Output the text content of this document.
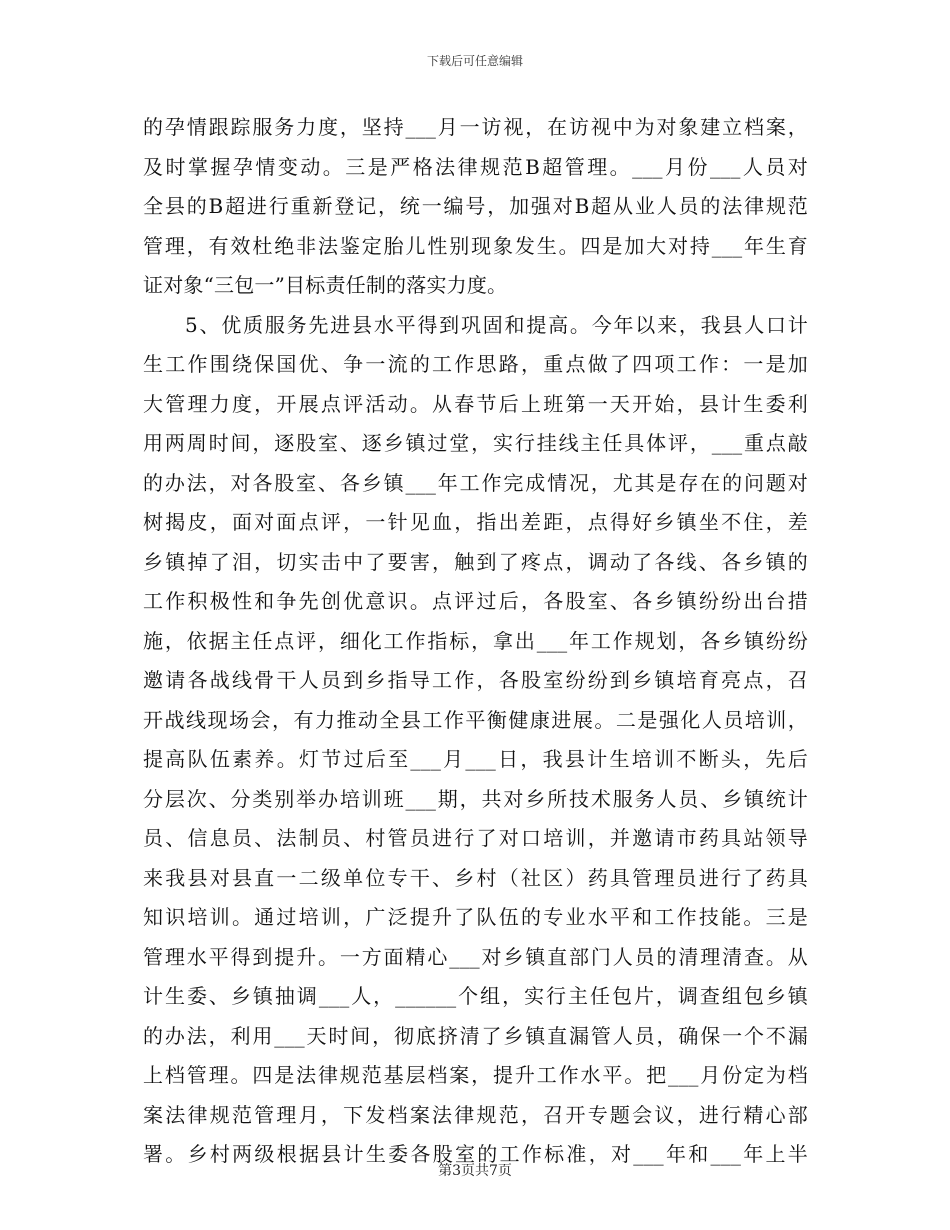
下载后可任意编辑
的孕情跟踪服务力度，坚持___月一访视，在访视中为对象建立档案，
及时掌握孕情变动。三是严格法律规范B超管理。___月份___人员对
全县的B超进行重新登记，统一编号，加强对B超从业人员的法律规范
管理，有效杜绝非法鉴定胎儿性别现象发生。四是加大对持___年生育
证对象“三包一”目标责任制的落实力度。
5、优质服务先进县水平得到巩固和提高。今年以来，我县人口计
生工作围绕保国优、争一流的工作思路，重点做了四项工作：一是加
大管理力度，开展点评活动。从春节后上班第一天开始，县计生委利
用两周时间，逐股室、逐乡镇过堂，实行挂线主任具体评，___重点敲
的办法，对各股室、各乡镇___年工作完成情况，尤其是存在的问题对
树揭皮，面对面点评，一针见血，指出差距，点得好乡镇坐不住，差
乡镇掉了泪，切实击中了要害，触到了疼点，调动了各线、各乡镇的
工作积极性和争先创优意识。点评过后，各股室、各乡镇纷纷出台措
施，依据主任点评，细化工作指标，拿出___年工作规划，各乡镇纷纷
邀请各战线骨干人员到乡指导工作，各股室纷纷到乡镇培育亮点，召
开战线现场会，有力推动全县工作平衡健康进展。二是强化人员培训，
提高队伍素养。灯节过后至___月___日，我县计生培训不断头，先后
分层次、分类别举办培训班___期，共对乡所技术服务人员、乡镇统计
员、信息员、法制员、村管员进行了对口培训，并邀请市药具站领导
来我县对县直一二级单位专干、乡村（社区）药具管理员进行了药具
知识培训。通过培训，广泛提升了队伍的专业水平和工作技能。三是
管理水平得到提升。一方面精心___对乡镇直部门人员的清理清查。从
计生委、乡镇抽调___人，______个组，实行主任包片，调查组包乡镇
的办法，利用___天时间，彻底挤清了乡镇直漏管人员，确保一个不漏
上档管理。四是法律规范基层档案，提升工作水平。把___月份定为档
案法律规范管理月，下发档案法律规范，召开专题会议，进行精心部
署。乡村两级根据县计生委各股室的工作标准，对___年和___年上半
第3页共7页
